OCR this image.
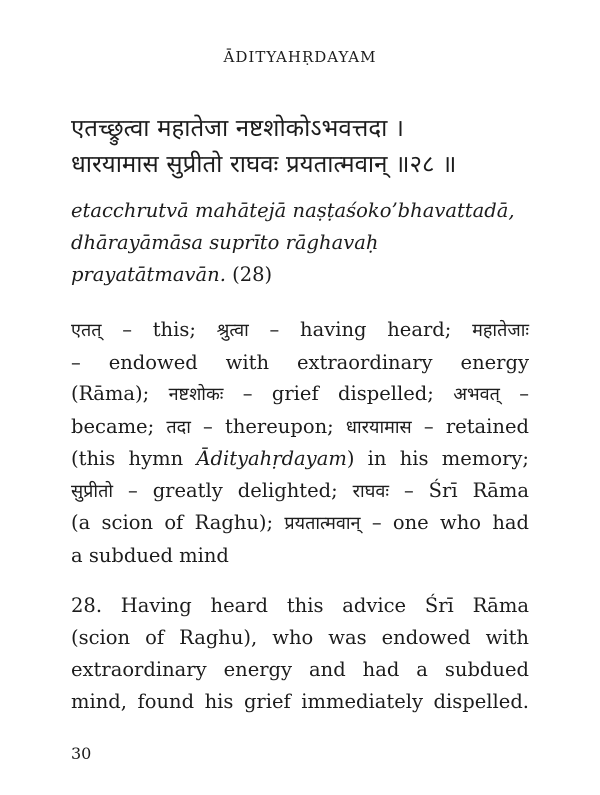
ĀDITYAHṚDAYAM
एतच्छ्रुत्वा महातेजा नष्टशोकोऽभवत्तदा ।
धारयामास सुप्रीतो राघवः प्रयतात्मवान् ॥२८ ॥
etacchrutvā mahātejā naṣṭaśoko’bhavattadā,
dhārayāmāsa suprīto rāghavaḥ
prayatātmavān. (28)
एतत् – this; श्रुत्वा – having heard; महातेजाः
– endowed with extraordinary energy
(Rāma); नष्टशोकः – grief dispelled; अभवत् –
became; तदा – thereupon; धारयामास – retained
(this hymn Ādityahṛdayam) in his memory;
सुप्रीतो – greatly delighted; राघवः – Śrī Rāma
(a scion of Raghu); प्रयतात्मवान् – one who had
a subdued mind
28. Having heard this advice Śrī Rāma
(scion of Raghu), who was endowed with
extraordinary energy and had a subdued
mind, found his grief immediately dispelled.
30
